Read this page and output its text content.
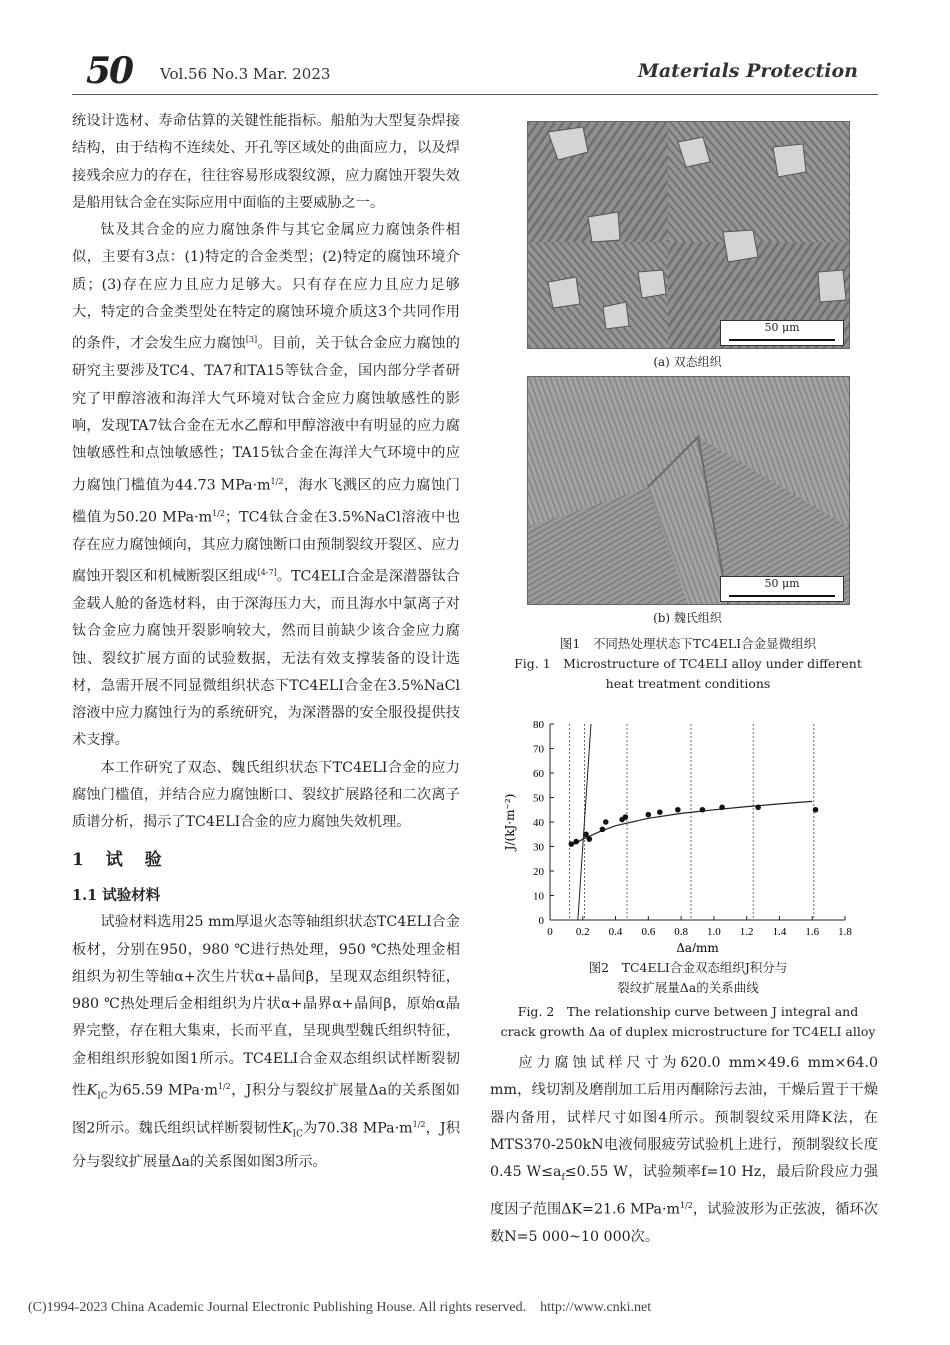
50 Vol.56 No.3 Mar. 2023	Materials Protection

统设计选材、寿命估算的关键性能指标。船舶为大型复杂焊接结构，由于结构不连续处、开孔等区域处的曲面应力，以及焊接残余应力的存在，往往容易形成裂纹源，应力腐蚀开裂失效是船用钛合金在实际应用中面临的主要威胁之一。

钛及其合金的应力腐蚀条件与其它金属应力腐蚀条件相似，主要有3点：(1)特定的合金类型；(2)特定的腐蚀环境介质；(3)存在应力且应力足够大。只有存在应力且应力足够大，特定的合金类型处在特定的腐蚀环境介质这3个共同作用的条件，才会发生应力腐蚀[3]。目前，关于钛合金应力腐蚀的研究主要涉及TC4、TA7和TA15等钛合金，国内部分学者研究了甲醇溶液和海洋大气环境对钛合金应力腐蚀敏感性的影响，发现TA7钛合金在无水乙醇和甲醇溶液中有明显的应力腐蚀敏感性和点蚀敏感性；TA15钛合金在海洋大气环境中的应力腐蚀门槛值为44.73 $MPa\cdot m^{1/2}$，海水飞溅区的应力腐蚀门槛值为50.20 $MPa\cdot m^{1/2}$；TC4钛合金在3.5%NaCl溶液中也存在应力腐蚀倾向，其应力腐蚀断口由预制裂纹开裂区、应力腐蚀开裂区和机械断裂区组成[4-7]。TC4ELI合金是深潜器钛合金载人舱的备选材料，由于深海压力大，而且海水中氯离子对钛合金应力腐蚀开裂影响较大，然而目前缺少该合金应力腐蚀、裂纹扩展方面的试验数据，无法有效支撑装备的设计选材，急需开展不同显微组织状态下TC4ELI合金在3.5%NaCl溶液中应力腐蚀行为的系统研究，为深潜器的安全服役提供技术支撑。

本工作研究了双态、魏氏组织状态下TC4ELI合金的应力腐蚀门槛值，并结合应力腐蚀断口、裂纹扩展路径和二次离子质谱分析，揭示了TC4ELI合金的应力腐蚀失效机理。

1 试 验

1.1 试验材料

试验材料选用25 mm厚退火态等轴组织状态TC4ELI合金板材，分别在950，980 ℃进行热处理，950 ℃热处理金相组织为初生等轴α+次生片状α+晶间β，呈现双态组织特征，980 ℃热处理后金相组织为片状α+晶界α+晶间β，原始α晶界完整，存在粗大集束，长而平直，呈现典型魏氏组织特征，金相组织形貌如图1所示。TC4ELI合金双态组织试样断裂韧性$K_{IC}$为65.59 $MPa\cdot m^{1/2}$，J积分与裂纹扩展量Δa的关系图如图2所示。魏氏组织试样断裂韧性$K_{IC}$为70.38 $MPa\cdot m^{1/2}$，J积分与裂纹扩展量Δa的关系图如图3所示。

50 μm
(a) 双态组织
50 μm
(b) 魏氏组织
图1　不同热处理状态下TC4ELI合金显微组织
Fig. 1　Microstructure of TC4ELI alloy under different
heat treatment conditions
0
10
20
30
40
50
60
70
80
0 0.2 0.4 0.6 0.8 1.0 1.2 1.4 1.6 1.8
Δa/mm
J/(kJ·m⁻²)
图2　TC4ELI合金双态组织J积分与
裂纹扩展量Δa的关系曲线
Fig. 2　The relationship curve between J integral and
crack growth Δa of duplex microstructure for TC4ELI alloy

应力腐蚀试样尺寸为δ20.0 mm×49.6 mm×64.0 mm，线切割及磨削加工后用丙酮除污去油，干燥后置于干燥器内备用，试样尺寸如图4所示。预制裂纹采用降K法，在MTS370-250kN电液伺服疲劳试验机上进行，预制裂纹长度0.45 $W\le a_f\le 0.55$ W，试验频率f=10 Hz，最后阶段应力强度因子范围ΔK=21.6 $MPa\cdot m^{1/2}$，试验波形为正弦波，循环次数N=5 000~10 000次。

(C)1994-2023 China Academic Journal Electronic Publishing House. All rights reserved. http://www.cnki.net
